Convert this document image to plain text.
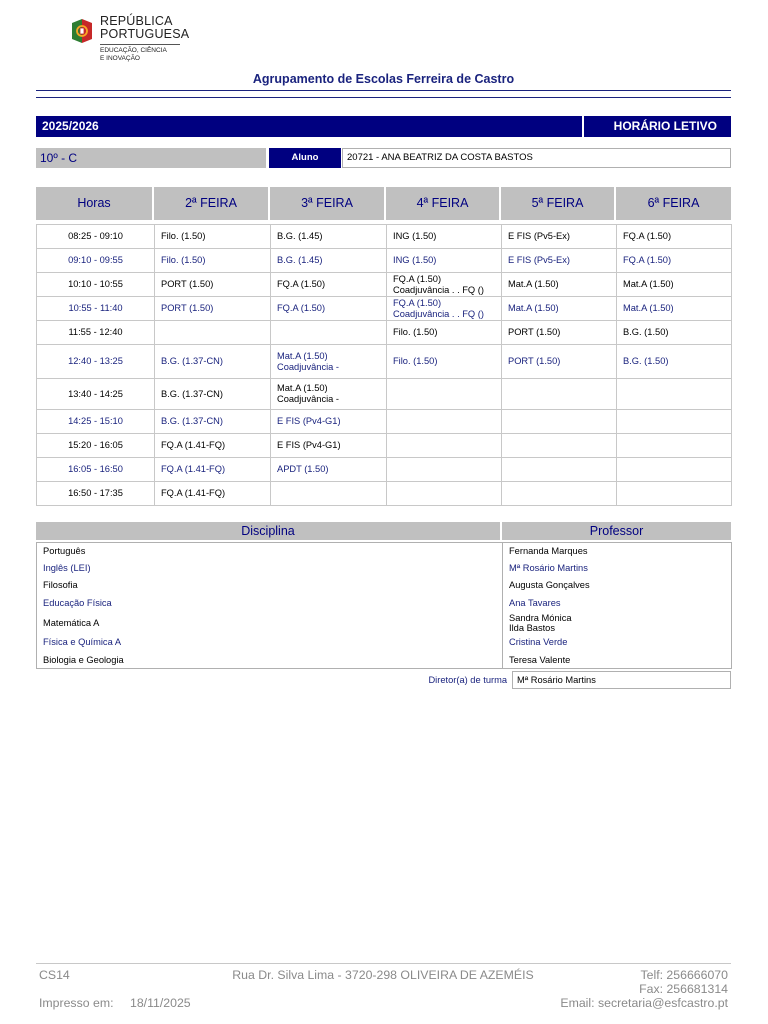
REPÚBLICA
PORTUGUESA
EDUCAÇÃO, CIÊNCIA
E INOVAÇÃO
Agrupamento de Escolas Ferreira de Castro
2025/2026	HORÁRIO LETIVO
10º - C	Aluno	20721 - ANA BEATRIZ DA COSTA BASTOS
Horas	2ª FEIRA	3ª FEIRA	4ª FEIRA	5ª FEIRA	6ª FEIRA
08:25 - 09:10	Filo. (1.50)	B.G. (1.45)	ING (1.50)	E FIS (Pv5-Ex)	FQ.A (1.50)

09:10 - 09:55	Filo. (1.50)	B.G. (1.45)	ING (1.50)	E FIS (Pv5-Ex)	FQ.A (1.50)

10:10 - 10:55	PORT (1.50)	FQ.A (1.50)	FQ.A (1.50)
Coadjuvância . . FQ ()	Mat.A (1.50)	Mat.A (1.50)

10:55 - 11:40	PORT (1.50)	FQ.A (1.50)	FQ.A (1.50)
Coadjuvância . . FQ ()	Mat.A (1.50)	Mat.A (1.50)

11:55 - 12:40			Filo. (1.50)	PORT (1.50)	B.G. (1.50)

12:40 - 13:25	B.G. (1.37-CN)	Mat.A (1.50)
Coadjuvância -	Filo. (1.50)	PORT (1.50)	B.G. (1.50)

13:40 - 14:25	B.G. (1.37-CN)	Mat.A (1.50)
Coadjuvância -			

14:25 - 15:10	B.G. (1.37-CN)	E FIS (Pv4-G1)			

15:20 - 16:05	FQ.A (1.41-FQ)	E FIS (Pv4-G1)			

16:05 - 16:50	FQ.A (1.41-FQ)	APDT (1.50)			

16:50 - 17:35	FQ.A (1.41-FQ)				

Disciplina	Professor
Português	Fernanda Marques

Inglês (LEI)	Mª Rosário Martins

Filosofia	Augusta Gonçalves

Educação Física	Ana Tavares

Matemática A	Sandra Mónica
Ilda Bastos

Física e Química A	Cristina Verde

Biologia e Geologia	Teresa Valente
Diretor(a) de turma	Mª Rosário Martins
CS14	Rua Dr. Silva Lima - 3720-298 OLIVEIRA DE AZEMÉIS	Telf: 256666070
Fax: 256681314
Impresso em: 18/11/2025	Email: secretaria@esfcastro.pt
